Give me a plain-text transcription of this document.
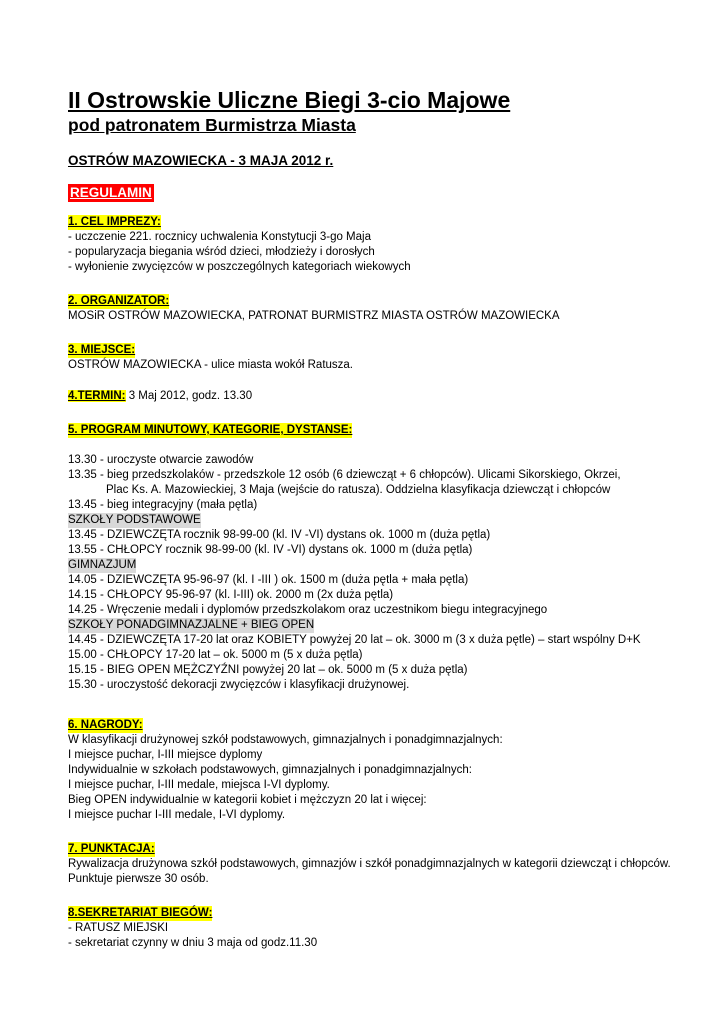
II Ostrowskie Uliczne Biegi 3-cio Majowe
pod patronatem Burmistrza Miasta
OSTRÓW MAZOWIECKA - 3 MAJA 2012 r.
REGULAMIN
1. CEL IMPREZY:
- uczczenie 221. rocznicy uchwalenia Konstytucji 3-go Maja
- popularyzacja biegania wśród dzieci, młodzieży i dorosłych
- wyłonienie zwycięzców w poszczególnych kategoriach wiekowych
2. ORGANIZATOR:
MOSiR OSTRÓW MAZOWIECKA, PATRONAT BURMISTRZ MIASTA OSTRÓW MAZOWIECKA
3. MIEJSCE:
OSTRÓW MAZOWIECKA - ulice miasta wokół Ratusza.
4.TERMIN: 3 Maj 2012, godz. 13.30
5. PROGRAM MINUTOWY, KATEGORIE, DYSTANSE:
13.30 - uroczyste otwarcie zawodów
13.35 - bieg przedszkolaków - przedszkole 12 osób (6 dziewcząt + 6 chłopców). Ulicami Sikorskiego, Okrzei,
Plac Ks. A. Mazowieckiej, 3 Maja (wejście do ratusza). Oddzielna klasyfikacja dziewcząt i chłopców
13.45 - bieg integracyjny (mała pętla)
SZKOŁY PODSTAWOWE
13.45 - DZIEWCZĘTA rocznik 98-99-00 (kl. IV -VI) dystans ok. 1000 m (duża pętla)
13.55 - CHŁOPCY rocznik 98-99-00 (kl. IV -VI) dystans ok. 1000 m (duża pętla)
GIMNAZJUM
14.05 - DZIEWCZĘTA 95-96-97 (kl. I -III ) ok. 1500 m (duża pętla + mała pętla)
14.15 - CHŁOPCY 95-96-97 (kl. I-III) ok. 2000 m (2x duża pętla)
14.25 - Wręczenie medali i dyplomów przedszkolakom oraz uczestnikom biegu integracyjnego
SZKOŁY PONADGIMNAZJALNE + BIEG OPEN
14.45 - DZIEWCZĘTA 17-20 lat oraz KOBIETY powyżej 20 lat – ok. 3000 m (3 x duża pętle) – start wspólny D+K
15.00 - CHŁOPCY 17-20 lat – ok. 5000 m (5 x duża pętla)
15.15 - BIEG OPEN MĘŻCZYŹNI powyżej 20 lat – ok. 5000 m (5 x duża pętla)
15.30 - uroczystość dekoracji zwycięzców i klasyfikacji drużynowej.
6. NAGRODY:
W klasyfikacji drużynowej szkół podstawowych, gimnazjalnych i ponadgimnazjalnych:
I miejsce puchar, I-III miejsce dyplomy
Indywidualnie w szkołach podstawowych, gimnazjalnych i ponadgimnazjalnych:
I miejsce puchar, I-III medale, miejsca I-VI dyplomy.
Bieg OPEN indywidualnie w kategorii kobiet i mężczyzn 20 lat i więcej:
I miejsce puchar I-III medale, I-VI dyplomy.
7. PUNKTACJA:
Rywalizacja drużynowa szkół podstawowych, gimnazjów i szkół ponadgimnazjalnych w kategorii dziewcząt i chłopców.
Punktuje pierwsze 30 osób.
8.SEKRETARIAT BIEGÓW:
- RATUSZ MIEJSKI
- sekretariat czynny w dniu 3 maja od godz.11.30
